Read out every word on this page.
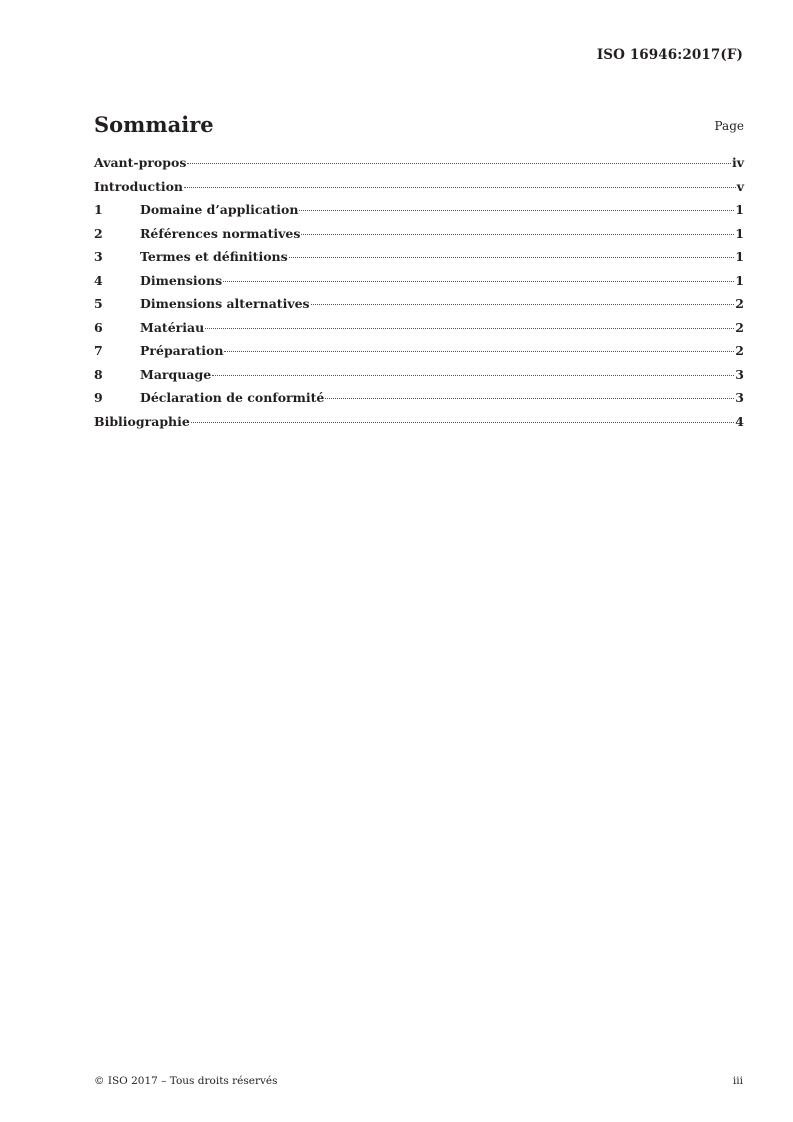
ISO 16946:2017(F)
Sommaire	Page
Avant-propos	iv
Introduction	v
1	Domaine d’application	1
2	Références normatives	1
3	Termes et définitions	1
4	Dimensions	1
5	Dimensions alternatives	2
6	Matériau	2
7	Préparation	2
8	Marquage	3
9	Déclaration de conformité	3
Bibliographie	4
© ISO 2017 – Tous droits réservés	iii
